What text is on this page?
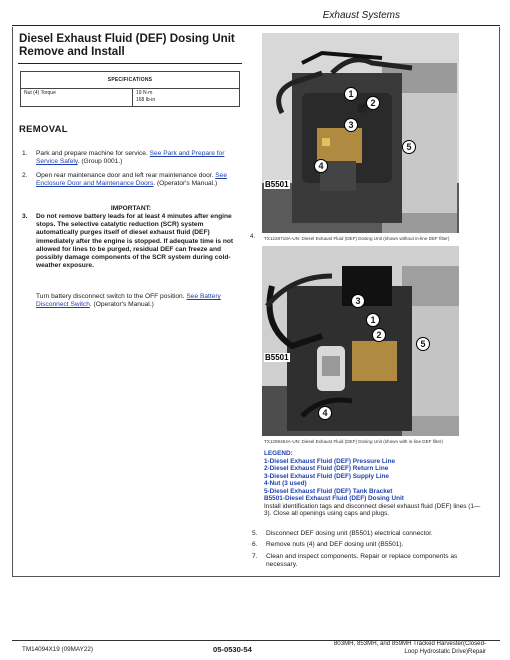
Exhaust Systems
Diesel Exhaust Fluid (DEF) Dosing Unit Remove and Install
SPECIFICATIONS
Nut (4) Torque	19 N·m
168 lb-in
REMOVAL
1. Park and prepare machine for service. See Park and Prepare for Service Safely. (Group 0001.)
2. Open rear maintenance door and left rear maintenance door. See Enclosure Door and Maintenance Doors. (Operator's Manual.)
IMPORTANT:
3. Do not remove battery leads for at least 4 minutes after engine stops. The selective catalytic reduction (SCR) system automatically purges itself of diesel exhaust fluid (DEF) immediately after the engine is stopped. If adequate time is not allowed for lines to be purged, residual DEF can freeze and possibly damage components of the SCR system during cold-weather exposure.
Turn battery disconnect switch to the OFF position. See Battery Disconnect Switch. (Operator's Manual.)
1
2
3
4
5
B5501
4. TX1228718A-UN: Diesel Exhaust Fluid (DEF) Dosing Unit (shown without in-line DEF filter)
3
1
2
5
4
B5501
TX1259464A-UN: Diesel Exhaust Fluid (DEF) Dosing Unit (shown with in-line DEF filter)
LEGEND:
1-Diesel Exhaust Fluid (DEF) Pressure Line
2-Diesel Exhaust Fluid (DEF) Return Line
3-Diesel Exhaust Fluid (DEF) Supply Line
4-Nut (3 used)
5-Diesel Exhaust Fluid (DEF) Tank Bracket
B5501-Diesel Exhaust Fluid (DEF) Dosing Unit
Install identification tags and disconnect diesel exhaust fluid (DEF) lines (1—3). Close all openings using caps and plugs.
5. Disconnect DEF dosing unit (B5501) electrical connector.
6. Remove nuts (4) and DEF dosing unit (B5501).
7. Clean and inspect components. Repair or replace components as necessary.
TM14094X19 (09MAY22)	05-0530-54
803MH, 853MH, and 859MH Tracked Harvester(Closed-
Loop Hydrostatic Drive)Repair
